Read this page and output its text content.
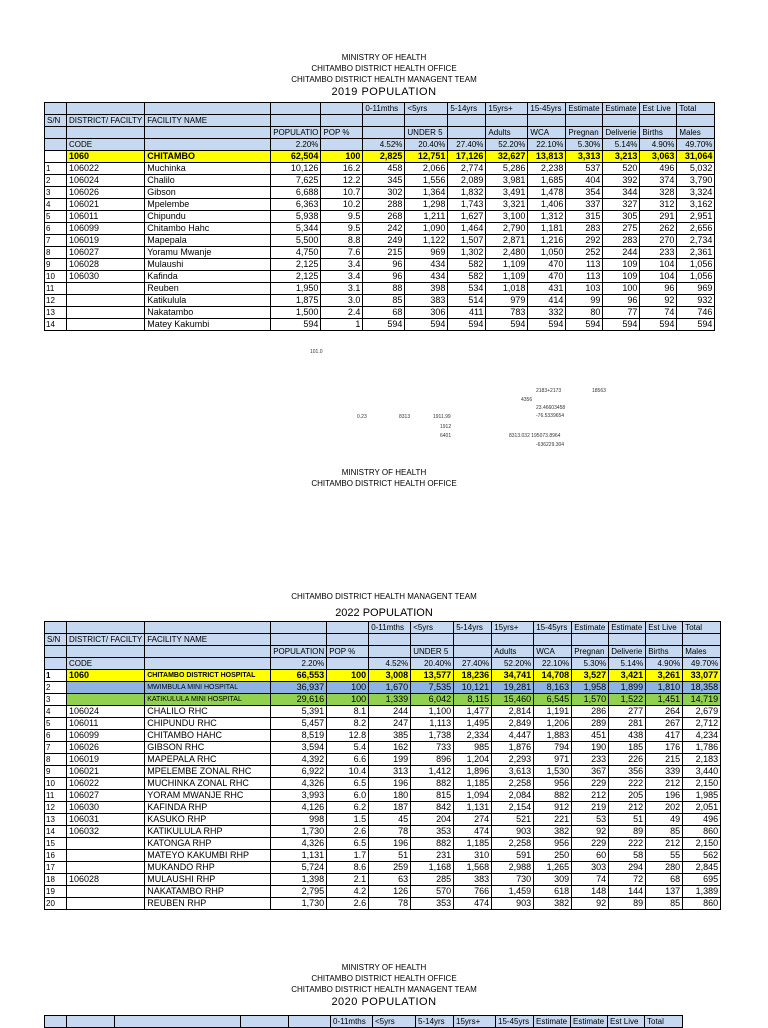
MINISTRY OF HEALTH
CHITAMBO DISTRICT HEALTH OFFICE
CHITAMBO DISTRICT HEALTH MANAGENT TEAM
2019 POPULATION
					0-11mths	<5yrs	5-14yrs	15yrs+	15-45yrs	Estimate	Estimate	Est Live	Total
S/N	DISTRICT/ FACILTY	FACILITY NAME											
			POPULATIO	POP %		UNDER 5		Adults	WCA	Pregnan	Deliverie	Births	Males
	CODE		2.20%		4.52%	20.40%	27.40%	52.20%	22.10%	5.30%	5.14%	4.90%	49.70%
	1060	CHITAMBO	62,504	100	2,825	12,751	17,126	32,627	13,813	3,313	3,213	3,063	31,064
1	106022	Muchinka	10,126	16.2	458	2,066	2,774	5,286	2,238	537	520	496	5,032
2	106024	Chalilo	7,625	12.2	345	1,556	2,089	3,981	1,685	404	392	374	3,790
3	106026	Gibson	6,688	10.7	302	1,364	1,832	3,491	1,478	354	344	328	3,324
4	106021	Mpelembe	6,363	10.2	288	1,298	1,743	3,321	1,406	337	327	312	3,162
5	106011	Chipundu	5,938	9.5	268	1,211	1,627	3,100	1,312	315	305	291	2,951
6	106099	Chitambo Hahc	5,344	9.5	242	1,090	1,464	2,790	1,181	283	275	262	2,656
7	106019	Mapepala	5,500	8.8	249	1,122	1,507	2,871	1,216	292	283	270	2,734
8	106027	Yoramu Mwanje	4,750	7.6	215	969	1,302	2,480	1,050	252	244	233	2,361
9	106028	Mulaushi	2,125	3.4	96	434	582	1,109	470	113	109	104	1,056
10	106030	Kafinda	2,125	3.4	96	434	582	1,109	470	113	109	104	1,056
11		Reuben	1,950	3.1	88	398	534	1,018	431	103	100	96	969
12		Katikulula	1,875	3.0	85	383	514	979	414	99	96	92	932
13		Nakatambo	1,500	2.4	68	306	411	783	332	80	77	74	746
14		Matey Kakumbi	594	1	594	594	594	594	594	594	594	594	594
101.0
2183+2173	18563
4356
23.46603458
-76.5339654
0.23	8313	1911.99
1912
6401	8313.032 195073.8964
-636229.304
MINISTRY OF HEALTH
CHITAMBO DISTRICT HEALTH OFFICE
CHITAMBO DISTRICT HEALTH MANAGENT TEAM
2022 POPULATION
					0-11mths	<5yrs	5-14yrs	15yrs+	15-45yrs	Estimate	Estimate	Est Live	Total
S/N	DISTRICT/ FACILTY	FACILITY NAME											
			POPULATION	POP %		UNDER 5		Adults	WCA	Pregnan	Deliverie	Births	Males
	CODE		2.20%		4.52%	20.40%	27.40%	52.20%	22.10%	5.30%	5.14%	4.90%	49.70%
1	1060	CHITAMBO DISTRICT HOSPITAL	66,553	100	3,008	13,577	18,236	34,741	14,708	3,527	3,421	3,261	33,077
2		MWIMBULA MINI HOSPITAL	36,937	100	1,670	7,535	10,121	19,281	8,163	1,958	1,899	1,810	18,358
3		KATIKULULA MINI HOSPITAL	29,616	100	1,339	6,042	8,115	15,460	6,545	1,570	1,522	1,451	14,719
4	106024	CHALILO RHC	5,391	8.1	244	1,100	1,477	2,814	1,191	286	277	264	2,679
5	106011	CHIPUNDU RHC	5,457	8.2	247	1,113	1,495	2,849	1,206	289	281	267	2,712
6	106099	CHITAMBO HAHC	8,519	12.8	385	1,738	2,334	4,447	1,883	451	438	417	4,234
7	106026	GIBSON RHC	3,594	5.4	162	733	985	1,876	794	190	185	176	1,786
8	106019	MAPEPALA RHC	4,392	6.6	199	896	1,204	2,293	971	233	226	215	2,183
9	106021	MPELEMBE ZONAL RHC	6,922	10.4	313	1,412	1,896	3,613	1,530	367	356	339	3,440
10	106022	MUCHINKA ZONAL RHC	4,326	6.5	196	882	1,185	2,258	956	229	222	212	2,150
11	106027	YORAM MWANJE RHC	3,993	6.0	180	815	1,094	2,084	882	212	205	196	1,985
12	106030	KAFINDA RHP	4,126	6.2	187	842	1,131	2,154	912	219	212	202	2,051
13	106031	KASUKO RHP	998	1.5	45	204	274	521	221	53	51	49	496
14	106032	KATIKULULA RHP	1,730	2.6	78	353	474	903	382	92	89	85	860
15		KATONGA RHP	4,326	6.5	196	882	1,185	2,258	956	229	222	212	2,150
16		MATEYO KAKUMBI RHP	1,131	1.7	51	231	310	591	250	60	58	55	562
17		MUKANDO RHP	5,724	8.6	259	1,168	1,568	2,988	1,265	303	294	280	2,845
18	106028	MULAUSHI RHP	1,398	2.1	63	285	383	730	309	74	72	68	695
19		NAKATAMBO RHP	2,795	4.2	126	570	766	1,459	618	148	144	137	1,389
20		REUBEN RHP	1,730	2.6	78	353	474	903	382	92	89	85	860
MINISTRY OF HEALTH
CHITAMBO DISTRICT HEALTH OFFICE
CHITAMBO DISTRICT HEALTH MANAGENT TEAM
2020 POPULATION
					0-11mths	<5yrs	5-14yrs	15yrs+	15-45yrs	Estimate	Estimate	Est Live	Total
